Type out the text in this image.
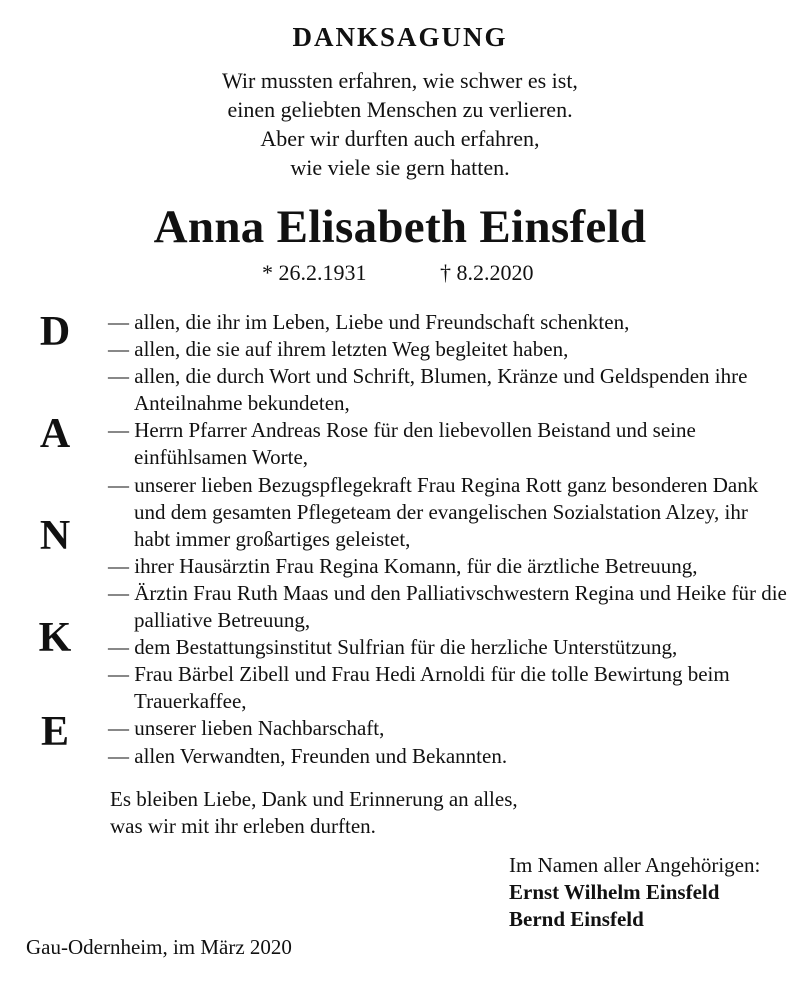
DANKSAGUNG
Wir mussten erfahren, wie schwer es ist,
einen geliebten Menschen zu verlieren.
Aber wir durften auch erfahren,
wie viele sie gern hatten.
Anna Elisabeth Einsfeld
* 26.2.1931	† 8.2.2020
D
A
N
K
E
— allen, die ihr im Leben, Liebe und Freundschaft schenkten,
— allen, die sie auf ihrem letzten Weg begleitet haben,
— allen, die durch Wort und Schrift, Blumen, Kränze und Geldspenden ihre Anteilnahme bekundeten,
— Herrn Pfarrer Andreas Rose für den liebevollen Beistand und seine einfühlsamen Worte,
— unserer lieben Bezugspflegekraft Frau Regina Rott ganz besonderen Dank und dem gesamten Pflegeteam der evangelischen Sozialstation Alzey, ihr habt immer großartiges geleistet,
— ihrer Hausärztin Frau Regina Komann, für die ärztliche Betreuung,
— Ärztin Frau Ruth Maas und den Palliativschwestern Regina und Heike für die palliative Betreuung,
— dem Bestattungsinstitut Sulfrian für die herzliche Unterstützung,
— Frau Bärbel Zibell und Frau Hedi Arnoldi für die tolle Bewirtung beim Trauerkaffee,
— unserer lieben Nachbarschaft,
— allen Verwandten, Freunden und Bekannten.
Es bleiben Liebe, Dank und Erinnerung an alles,
was wir mit ihr erleben durften.
Im Namen aller Angehörigen:
Ernst Wilhelm Einsfeld
Bernd Einsfeld
Gau-Odernheim, im März 2020
